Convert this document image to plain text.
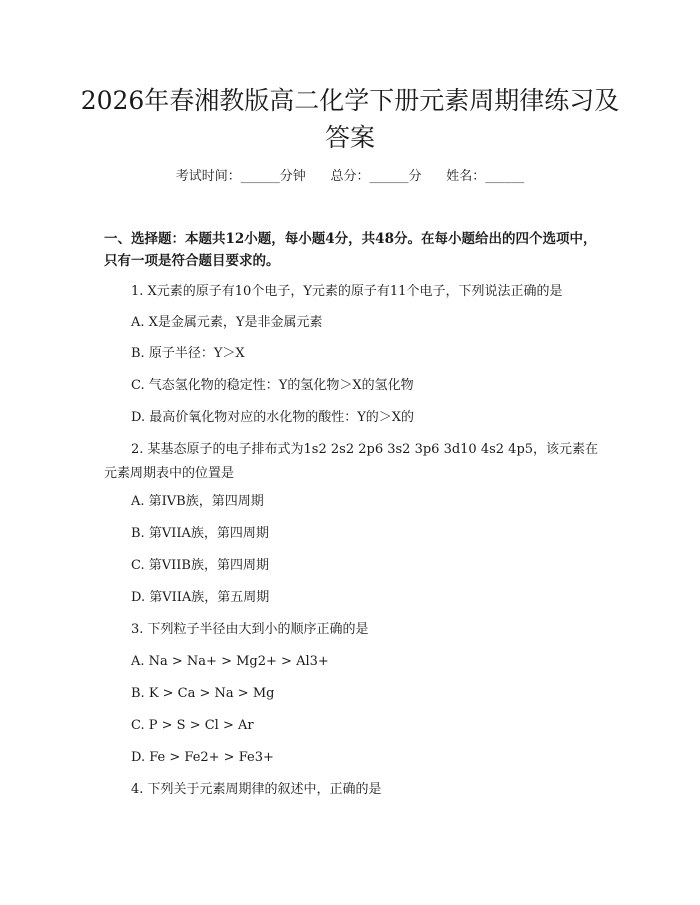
2026年春湘教版高二化学下册元素周期律练习及答案
考试时间：______分钟      总分：______分      姓名：______
一、选择题：本题共12小题，每小题4分，共48分。在每小题给出的四个选项中，只有一项是符合题目要求的。
1. X元素的原子有10个电子，Y元素的原子有11个电子，下列说法正确的是
A. X是金属元素，Y是非金属元素
B. 原子半径：Y＞X
C. 气态氢化物的稳定性：Y的氢化物＞X的氢化物
D. 最高价氧化物对应的水化物的酸性：Y的＞X的
2. 某基态原子的电子排布式为1s2 2s2 2p6 3s2 3p6 3d10 4s2 4p5，该元素在元素周期表中的位置是
A. 第IVB族，第四周期
B. 第VIIA族，第四周期
C. 第VIIB族，第四周期
D. 第VIIA族，第五周期
3. 下列粒子半径由大到小的顺序正确的是
A. Na > Na+ > Mg2+ > Al3+
B. K > Ca > Na > Mg
C. P > S > Cl > Ar
D. Fe > Fe2+ > Fe3+
4. 下列关于元素周期律的叙述中，正确的是
